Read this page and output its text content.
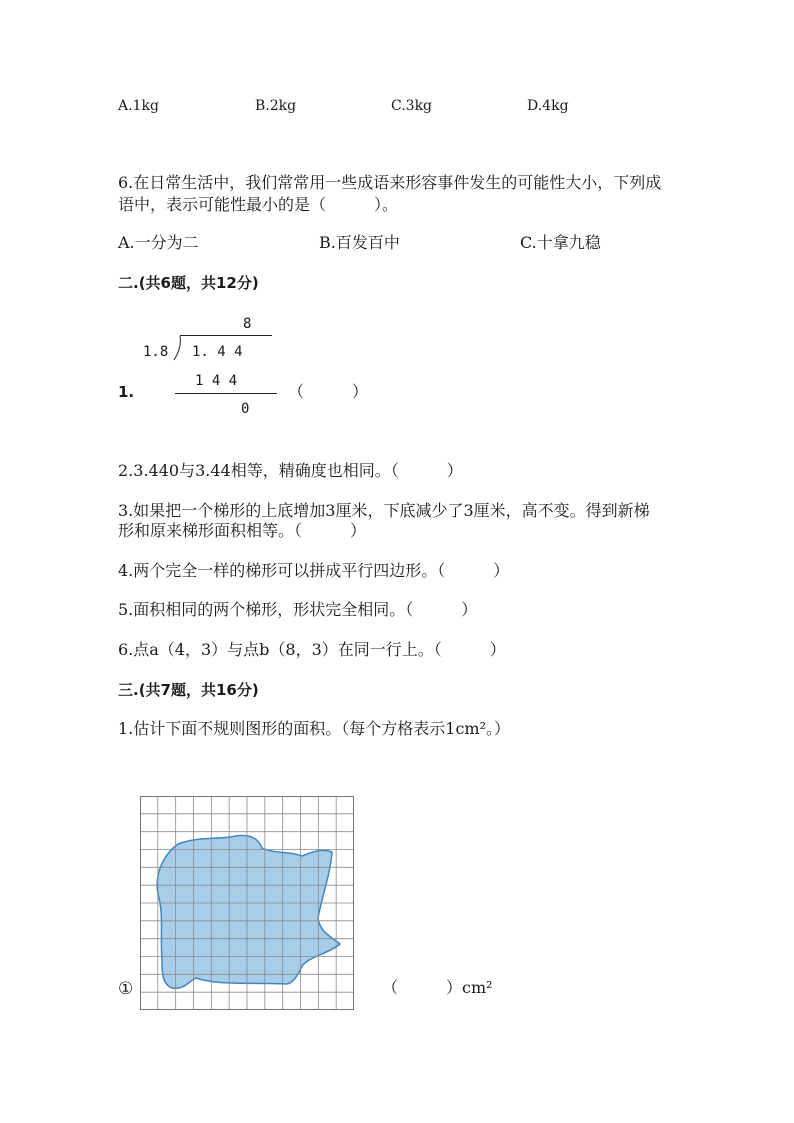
A.1kg	B.2kg	C.3kg	D.4kg
6.在日常生活中，我们常常用一些成语来形容事件发生的可能性大小，下列成
语中，表示可能性最小的是（　　　）。
A.一分为二	B.百发百中	C.十拿九稳
二.(共6题，共12分)
1.
8
1.8 1. 4 4
1 4 4
0
（　　　）
2.3.440与3.44相等，精确度也相同。（　　　）
3.如果把一个梯形的上底增加3厘米，下底减少了3厘米，高不变。得到新梯
形和原来梯形面积相等。（　　　）
4.两个完全一样的梯形可以拼成平行四边形。（　　　）
5.面积相同的两个梯形，形状完全相同。（　　　）
6.点a（4，3）与点b（8，3）在同一行上。（　　　）
三.(共7题，共16分)
1.估计下面不规则图形的面积。（每个方格表示1cm²。）
①	（　　　）cm²
